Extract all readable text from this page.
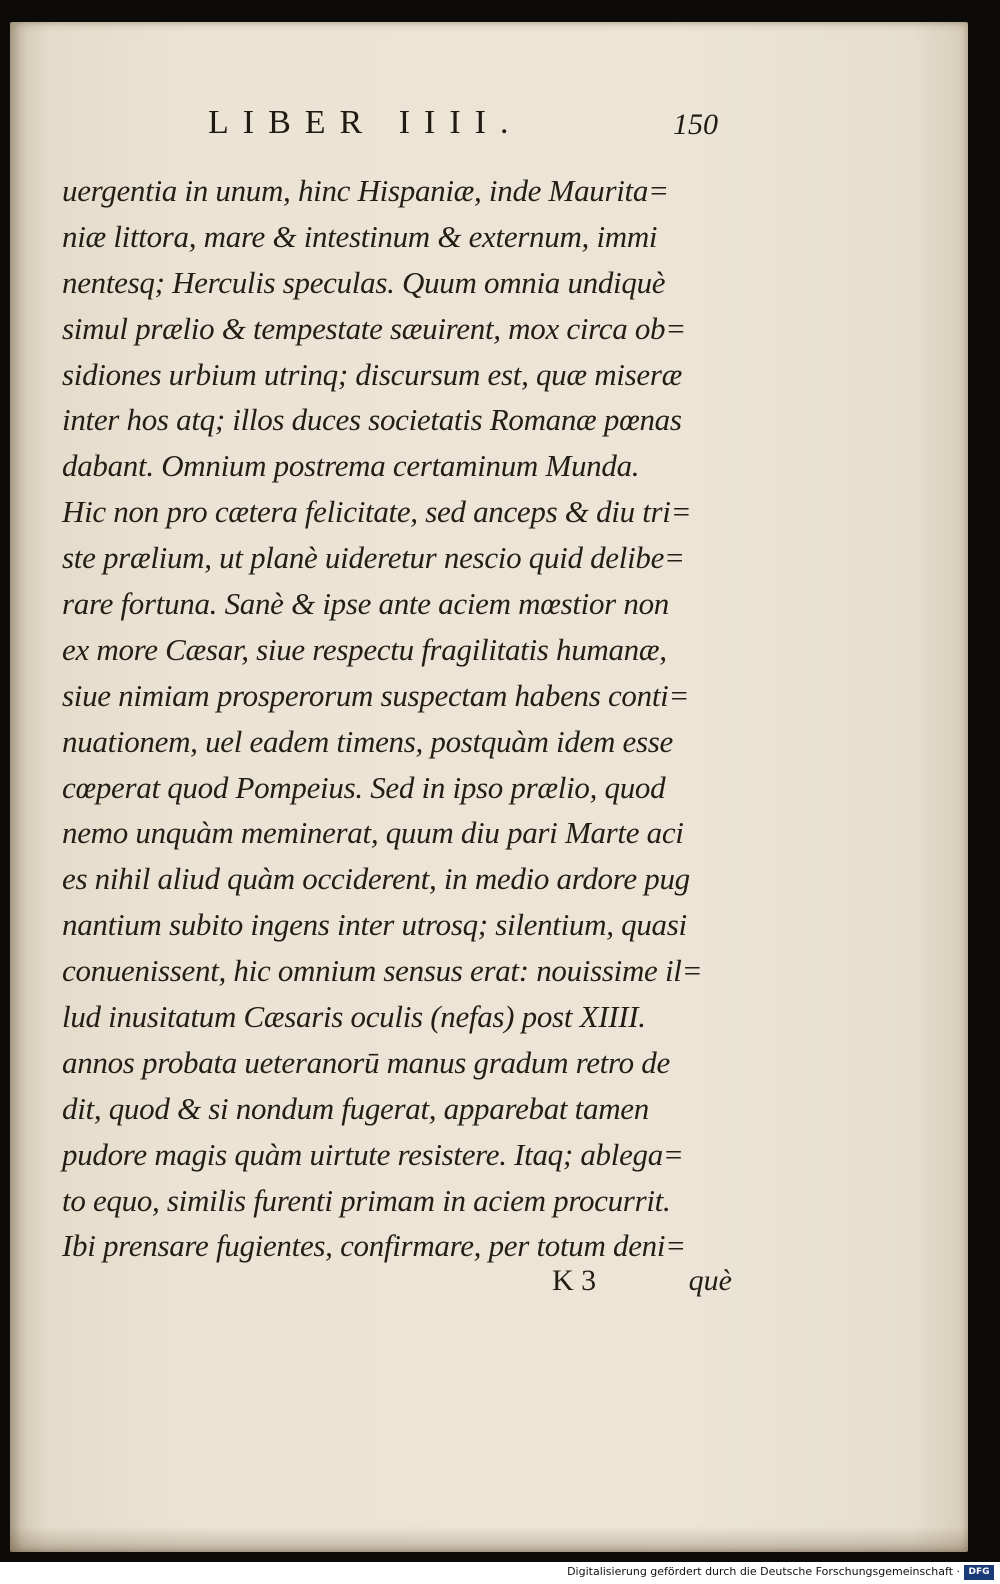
LIBER IIII.	150
uergentia in unum, hinc Hispaniæ, inde Maurita=
niæ littora, mare & intestinum & externum, immi
nentesq; Herculis speculas. Quum omnia undiquè
simul prælio & tempestate sæuirent, mox circa ob=
sidiones urbium utrinq; discursum est, quæ miseræ
inter hos atq; illos duces societatis Romanæ pœnas
dabant. Omnium postrema certaminum Munda.
Hic non pro cætera felicitate, sed anceps & diu tri=
ste prælium, ut planè uideretur nescio quid delibe=
rare fortuna. Sanè & ipse ante aciem mœstior non
ex more Cæsar, siue respectu fragilitatis humanæ,
siue nimiam prosperorum suspectam habens conti=
nuationem, uel eadem timens, postquàm idem esse
cœperat quod Pompeius. Sed in ipso prælio, quod
nemo unquàm meminerat, quum diu pari Marte aci
es nihil aliud quàm occiderent, in medio ardore pug
nantium subito ingens inter utrosq; silentium, quasi
conuenissent, hic omnium sensus erat: nouissime il=
lud inusitatum Cæsaris oculis (nefas) post XIIII.
annos probata ueteranorū manus gradum retro de
dit, quod & si nondum fugerat, apparebat tamen
pudore magis quàm uirtute resistere. Itaq; ablega=
to equo, similis furenti primam in aciem procurrit.
Ibi prensare fugientes, confirmare, per totum deni=
K 3	què
Digitalisierung gefördert durch die Deutsche Forschungsgemeinschaft · DFG
